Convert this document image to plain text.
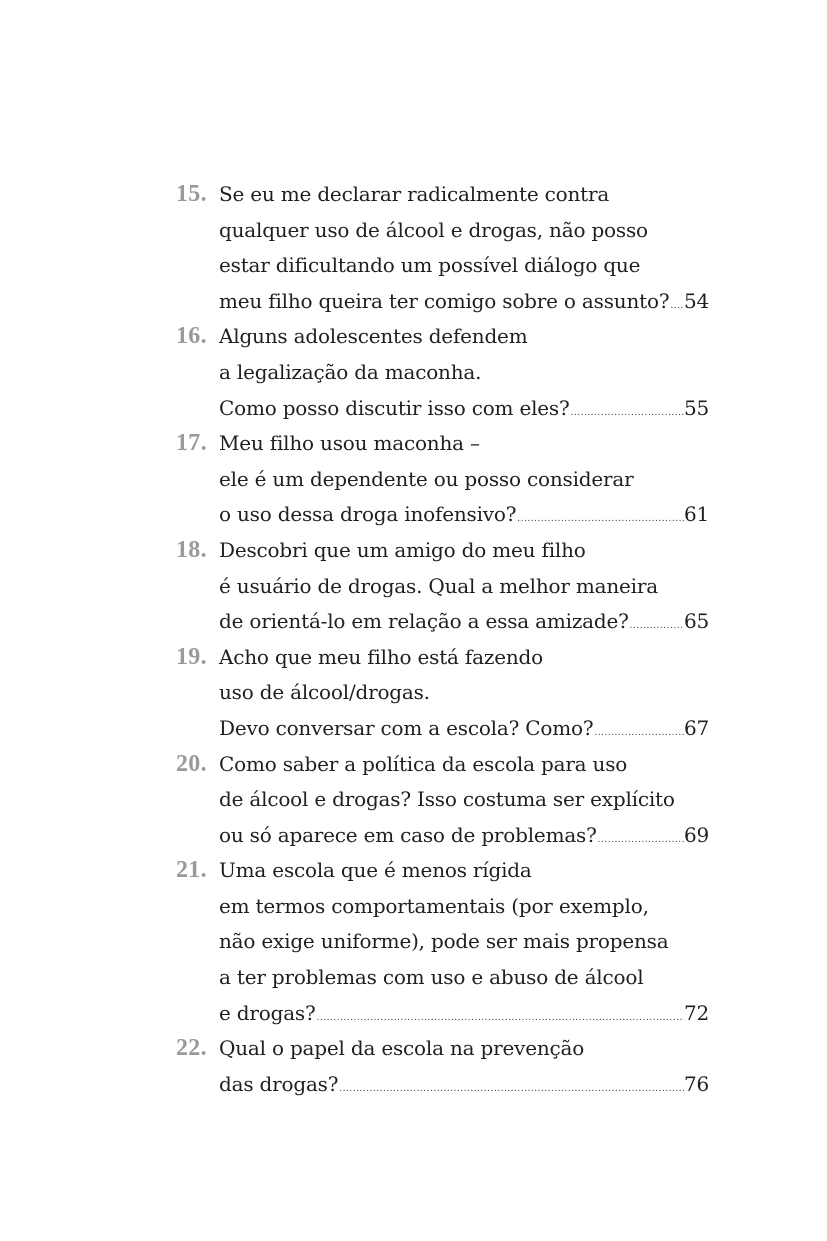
15. Se eu me declarar radicalmente contra
qualquer uso de álcool e drogas, não posso
estar dificultando um possível diálogo que
meu filho queira ter comigo sobre o assunto? ..... 54
16. Alguns adolescentes defendem
a legalização da maconha.
Como posso discutir isso com eles? .....	55
17. Meu filho usou maconha –
ele é um dependente ou posso considerar
o uso dessa droga inofensivo? .....	61
18. Descobri que um amigo do meu filho
é usuário de drogas. Qual a melhor maneira
de orientá-lo em relação a essa amizade? .....	65
19. Acho que meu filho está fazendo
uso de álcool/drogas.
Devo conversar com a escola? Como? .....	67
20. Como saber a política da escola para uso
de álcool e drogas? Isso costuma ser explícito
ou só aparece em caso de problemas? .....	69
21. Uma escola que é menos rígida
em termos comportamentais (por exemplo,
não exige uniforme), pode ser mais propensa
a ter problemas com uso e abuso de álcool
e drogas? .....	72
22. Qual o papel da escola na prevenção
das drogas? .....	76
